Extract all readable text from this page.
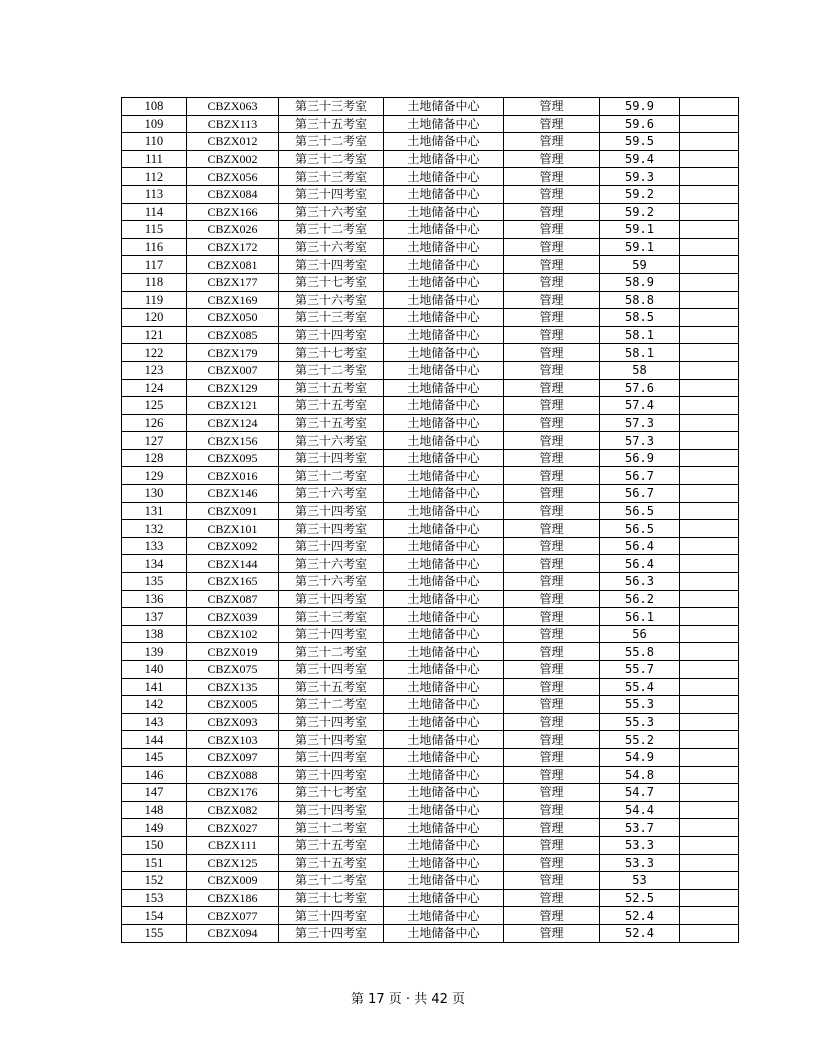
108	CBZX063	第三十三考室	土地储备中心	管理	59.9	
109	CBZX113	第三十五考室	土地储备中心	管理	59.6	
110	CBZX012	第三十二考室	土地储备中心	管理	59.5	
111	CBZX002	第三十二考室	土地储备中心	管理	59.4	
112	CBZX056	第三十三考室	土地储备中心	管理	59.3	
113	CBZX084	第三十四考室	土地储备中心	管理	59.2	
114	CBZX166	第三十六考室	土地储备中心	管理	59.2	
115	CBZX026	第三十二考室	土地储备中心	管理	59.1	
116	CBZX172	第三十六考室	土地储备中心	管理	59.1	
117	CBZX081	第三十四考室	土地储备中心	管理	59	
118	CBZX177	第三十七考室	土地储备中心	管理	58.9	
119	CBZX169	第三十六考室	土地储备中心	管理	58.8	
120	CBZX050	第三十三考室	土地储备中心	管理	58.5	
121	CBZX085	第三十四考室	土地储备中心	管理	58.1	
122	CBZX179	第三十七考室	土地储备中心	管理	58.1	
123	CBZX007	第三十二考室	土地储备中心	管理	58	
124	CBZX129	第三十五考室	土地储备中心	管理	57.6	
125	CBZX121	第三十五考室	土地储备中心	管理	57.4	
126	CBZX124	第三十五考室	土地储备中心	管理	57.3	
127	CBZX156	第三十六考室	土地储备中心	管理	57.3	
128	CBZX095	第三十四考室	土地储备中心	管理	56.9	
129	CBZX016	第三十二考室	土地储备中心	管理	56.7	
130	CBZX146	第三十六考室	土地储备中心	管理	56.7	
131	CBZX091	第三十四考室	土地储备中心	管理	56.5	
132	CBZX101	第三十四考室	土地储备中心	管理	56.5	
133	CBZX092	第三十四考室	土地储备中心	管理	56.4	
134	CBZX144	第三十六考室	土地储备中心	管理	56.4	
135	CBZX165	第三十六考室	土地储备中心	管理	56.3	
136	CBZX087	第三十四考室	土地储备中心	管理	56.2	
137	CBZX039	第三十三考室	土地储备中心	管理	56.1	
138	CBZX102	第三十四考室	土地储备中心	管理	56	
139	CBZX019	第三十二考室	土地储备中心	管理	55.8	
140	CBZX075	第三十四考室	土地储备中心	管理	55.7	
141	CBZX135	第三十五考室	土地储备中心	管理	55.4	
142	CBZX005	第三十二考室	土地储备中心	管理	55.3	
143	CBZX093	第三十四考室	土地储备中心	管理	55.3	
144	CBZX103	第三十四考室	土地储备中心	管理	55.2	
145	CBZX097	第三十四考室	土地储备中心	管理	54.9	
146	CBZX088	第三十四考室	土地储备中心	管理	54.8	
147	CBZX176	第三十七考室	土地储备中心	管理	54.7	
148	CBZX082	第三十四考室	土地储备中心	管理	54.4	
149	CBZX027	第三十二考室	土地储备中心	管理	53.7	
150	CBZX111	第三十五考室	土地储备中心	管理	53.3	
151	CBZX125	第三十五考室	土地储备中心	管理	53.3	
152	CBZX009	第三十二考室	土地储备中心	管理	53	
153	CBZX186	第三十七考室	土地储备中心	管理	52.5	
154	CBZX077	第三十四考室	土地储备中心	管理	52.4	
155	CBZX094	第三十四考室	土地储备中心	管理	52.4	
第 17 页 · 共 42 页
